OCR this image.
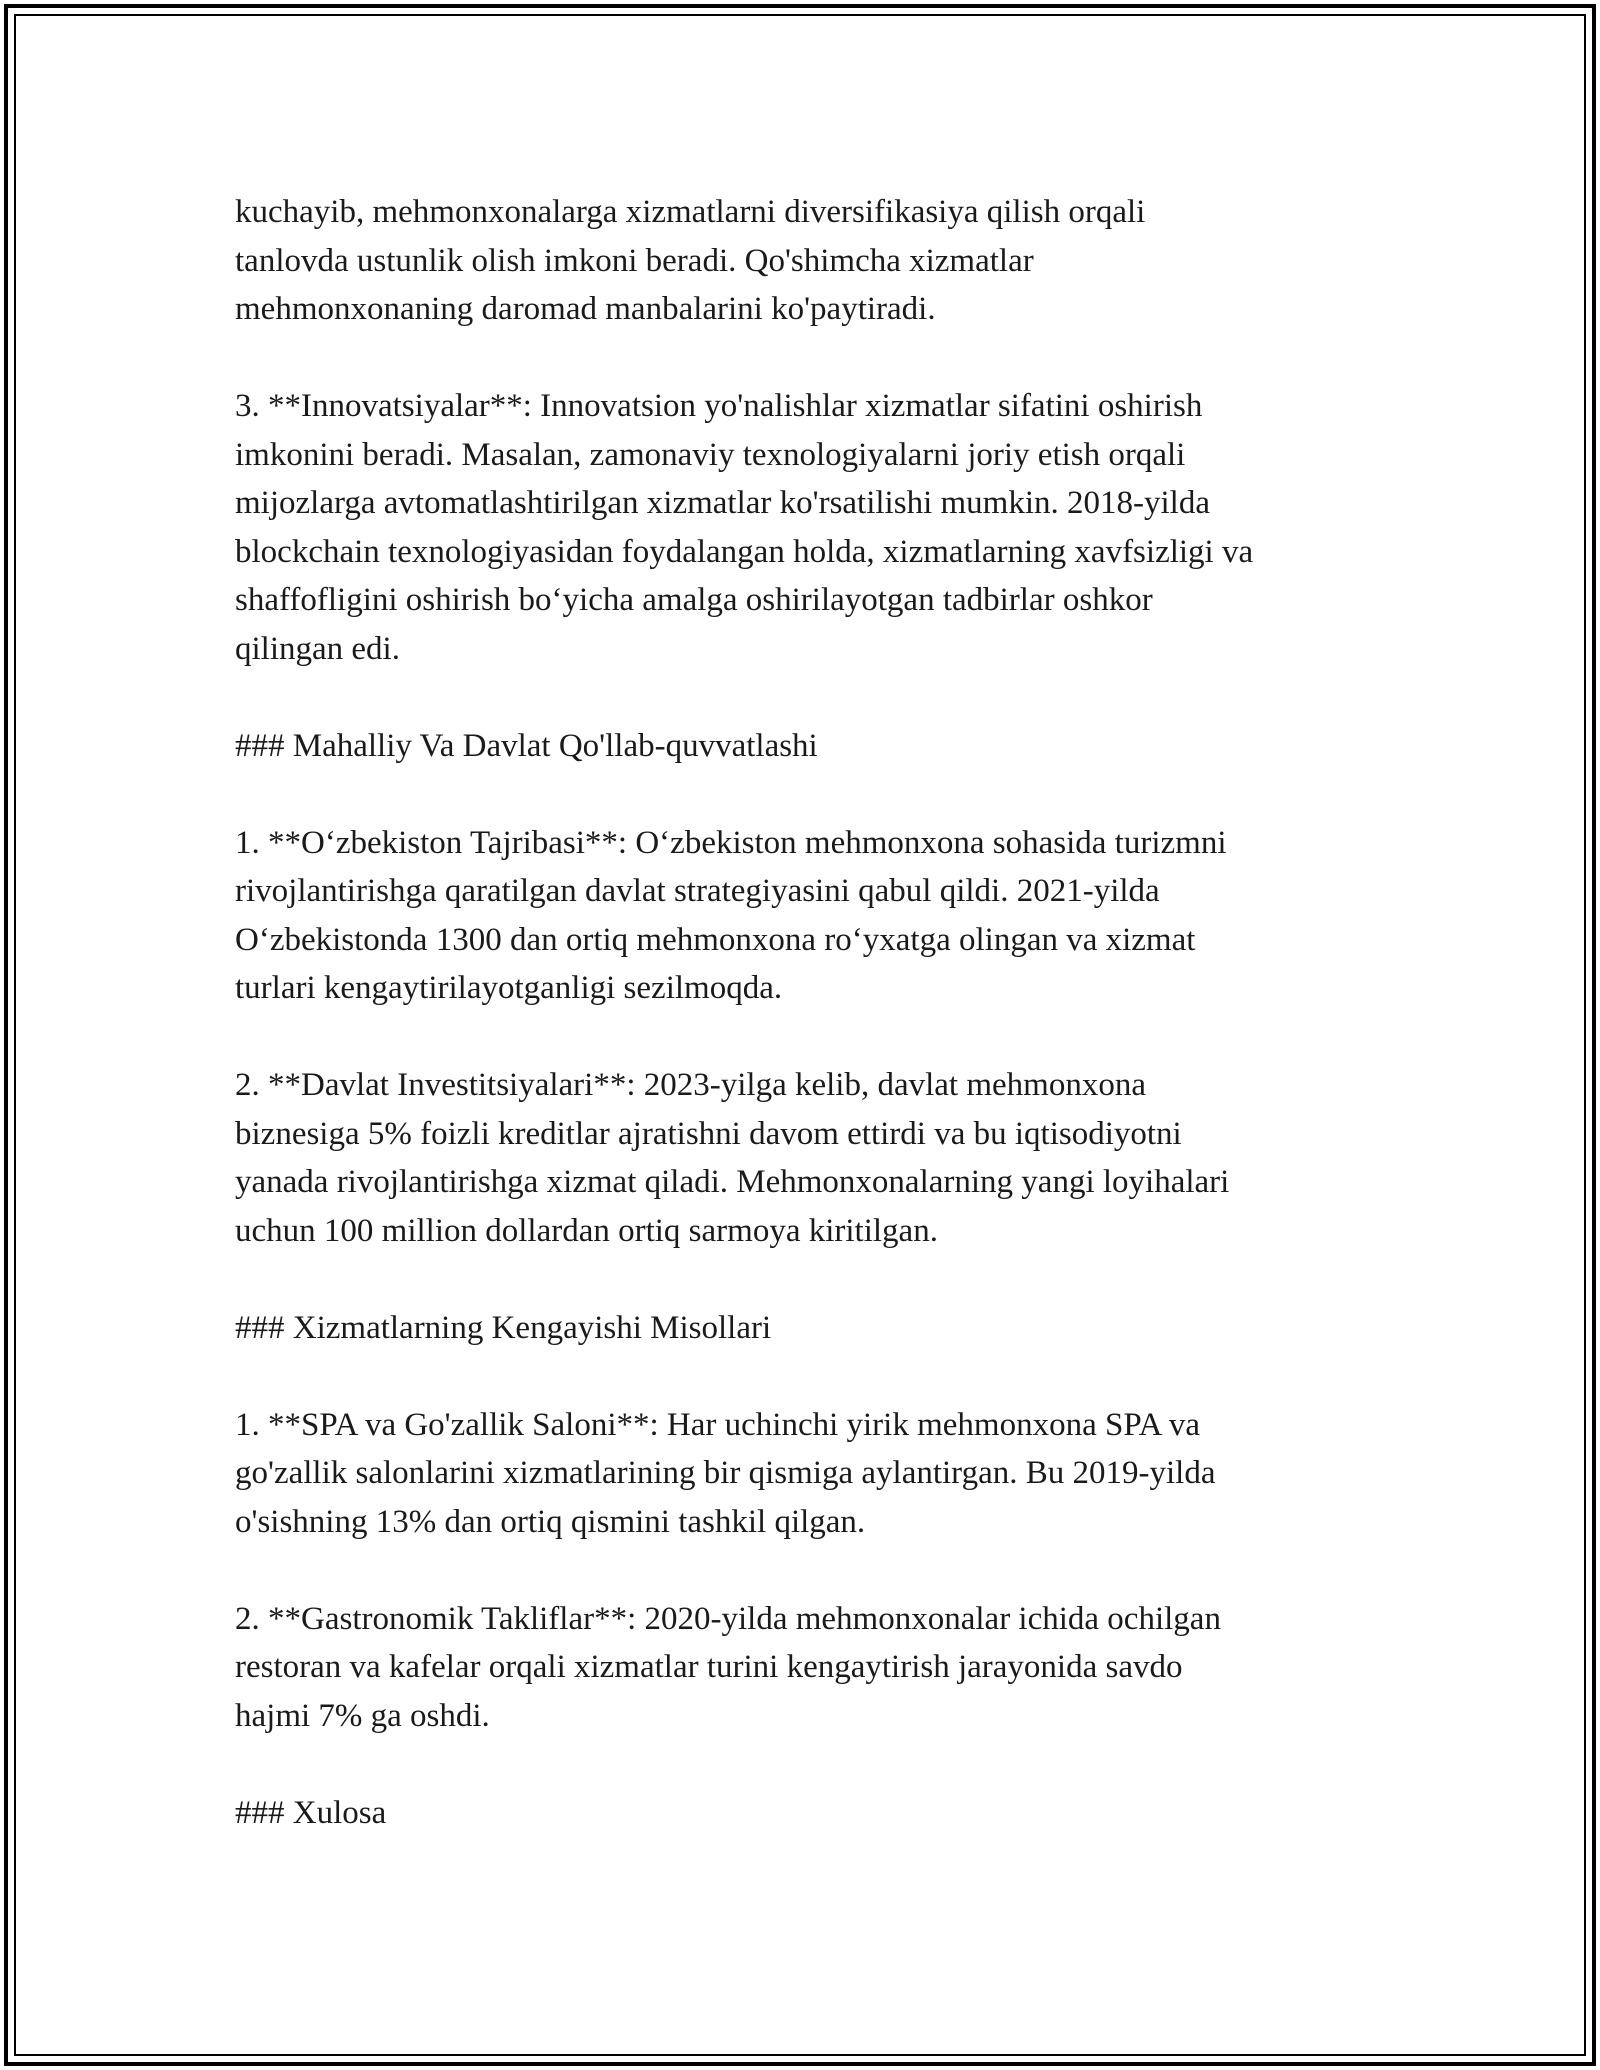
kuchayib, mehmonxonalarga xizmatlarni diversifikasiya qilish orqali
tanlovda ustunlik olish imkoni beradi. Qo'shimcha xizmatlar
mehmonxonaning daromad manbalarini ko'paytiradi.

3. **Innovatsiyalar**: Innovatsion yo'nalishlar xizmatlar sifatini oshirish
imkonini beradi. Masalan, zamonaviy texnologiyalarni joriy etish orqali
mijozlarga avtomatlashtirilgan xizmatlar ko'rsatilishi mumkin. 2018-yilda
blockchain texnologiyasidan foydalangan holda, xizmatlarning xavfsizligi va
shaffofligini oshirish bo‘yicha amalga oshirilayotgan tadbirlar oshkor
qilingan edi.

### Mahalliy Va Davlat Qo'llab-quvvatlashi

1. **O‘zbekiston Tajribasi**: O‘zbekiston mehmonxona sohasida turizmni
rivojlantirishga qaratilgan davlat strategiyasini qabul qildi. 2021-yilda
O‘zbekistonda 1300 dan ortiq mehmonxona ro‘yxatga olingan va xizmat
turlari kengaytirilayotganligi sezilmoqda.

2. **Davlat Investitsiyalari**: 2023-yilga kelib, davlat mehmonxona
biznesiga 5% foizli kreditlar ajratishni davom ettirdi va bu iqtisodiyotni
yanada rivojlantirishga xizmat qiladi. Mehmonxonalarning yangi loyihalari
uchun 100 million dollardan ortiq sarmoya kiritilgan.

### Xizmatlarning Kengayishi Misollari

1. **SPA va Go'zallik Saloni**: Har uchinchi yirik mehmonxona SPA va
go'zallik salonlarini xizmatlarining bir qismiga aylantirgan. Bu 2019-yilda
o'sishning 13% dan ortiq qismini tashkil qilgan.

2. **Gastronomik Takliflar**: 2020-yilda mehmonxonalar ichida ochilgan
restoran va kafelar orqali xizmatlar turini kengaytirish jarayonida savdo
hajmi 7% ga oshdi.

### Xulosa
